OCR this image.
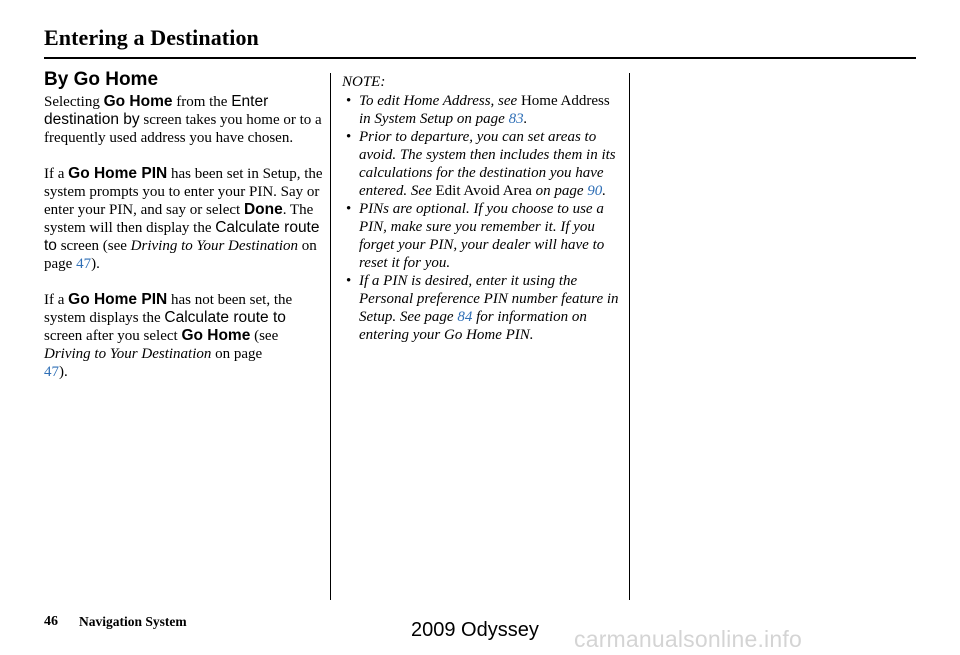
Entering a Destination
By Go Home

Selecting Go Home from the Enter destination by screen takes you home or to a frequently used address you have chosen.

If a Go Home PIN has been set in Setup, the system prompts you to enter your PIN. Say or enter your PIN, and say or select Done. The system will then display the Calculate route to screen (see Driving to Your Destination on page 47).

If a Go Home PIN has not been set, the system displays the Calculate route to screen after you select Go Home (see Driving to Your Destination on page
47).

NOTE:
• To edit Home Address, see Home Address in System Setup on page 83.
• Prior to departure, you can set areas to avoid. The system then includes them in its calculations for the destination you have entered. See Edit Avoid Area on page 90.
• PINs are optional. If you choose to use a PIN, make sure you remember it. If you forget your PIN, your dealer will have to reset it for you.
• If a PIN is desired, enter it using the Personal preference PIN number feature in Setup. See page 84 for information on entering your Go Home PIN.
46 Navigation System	2009 Odyssey carmanualsonline.info
